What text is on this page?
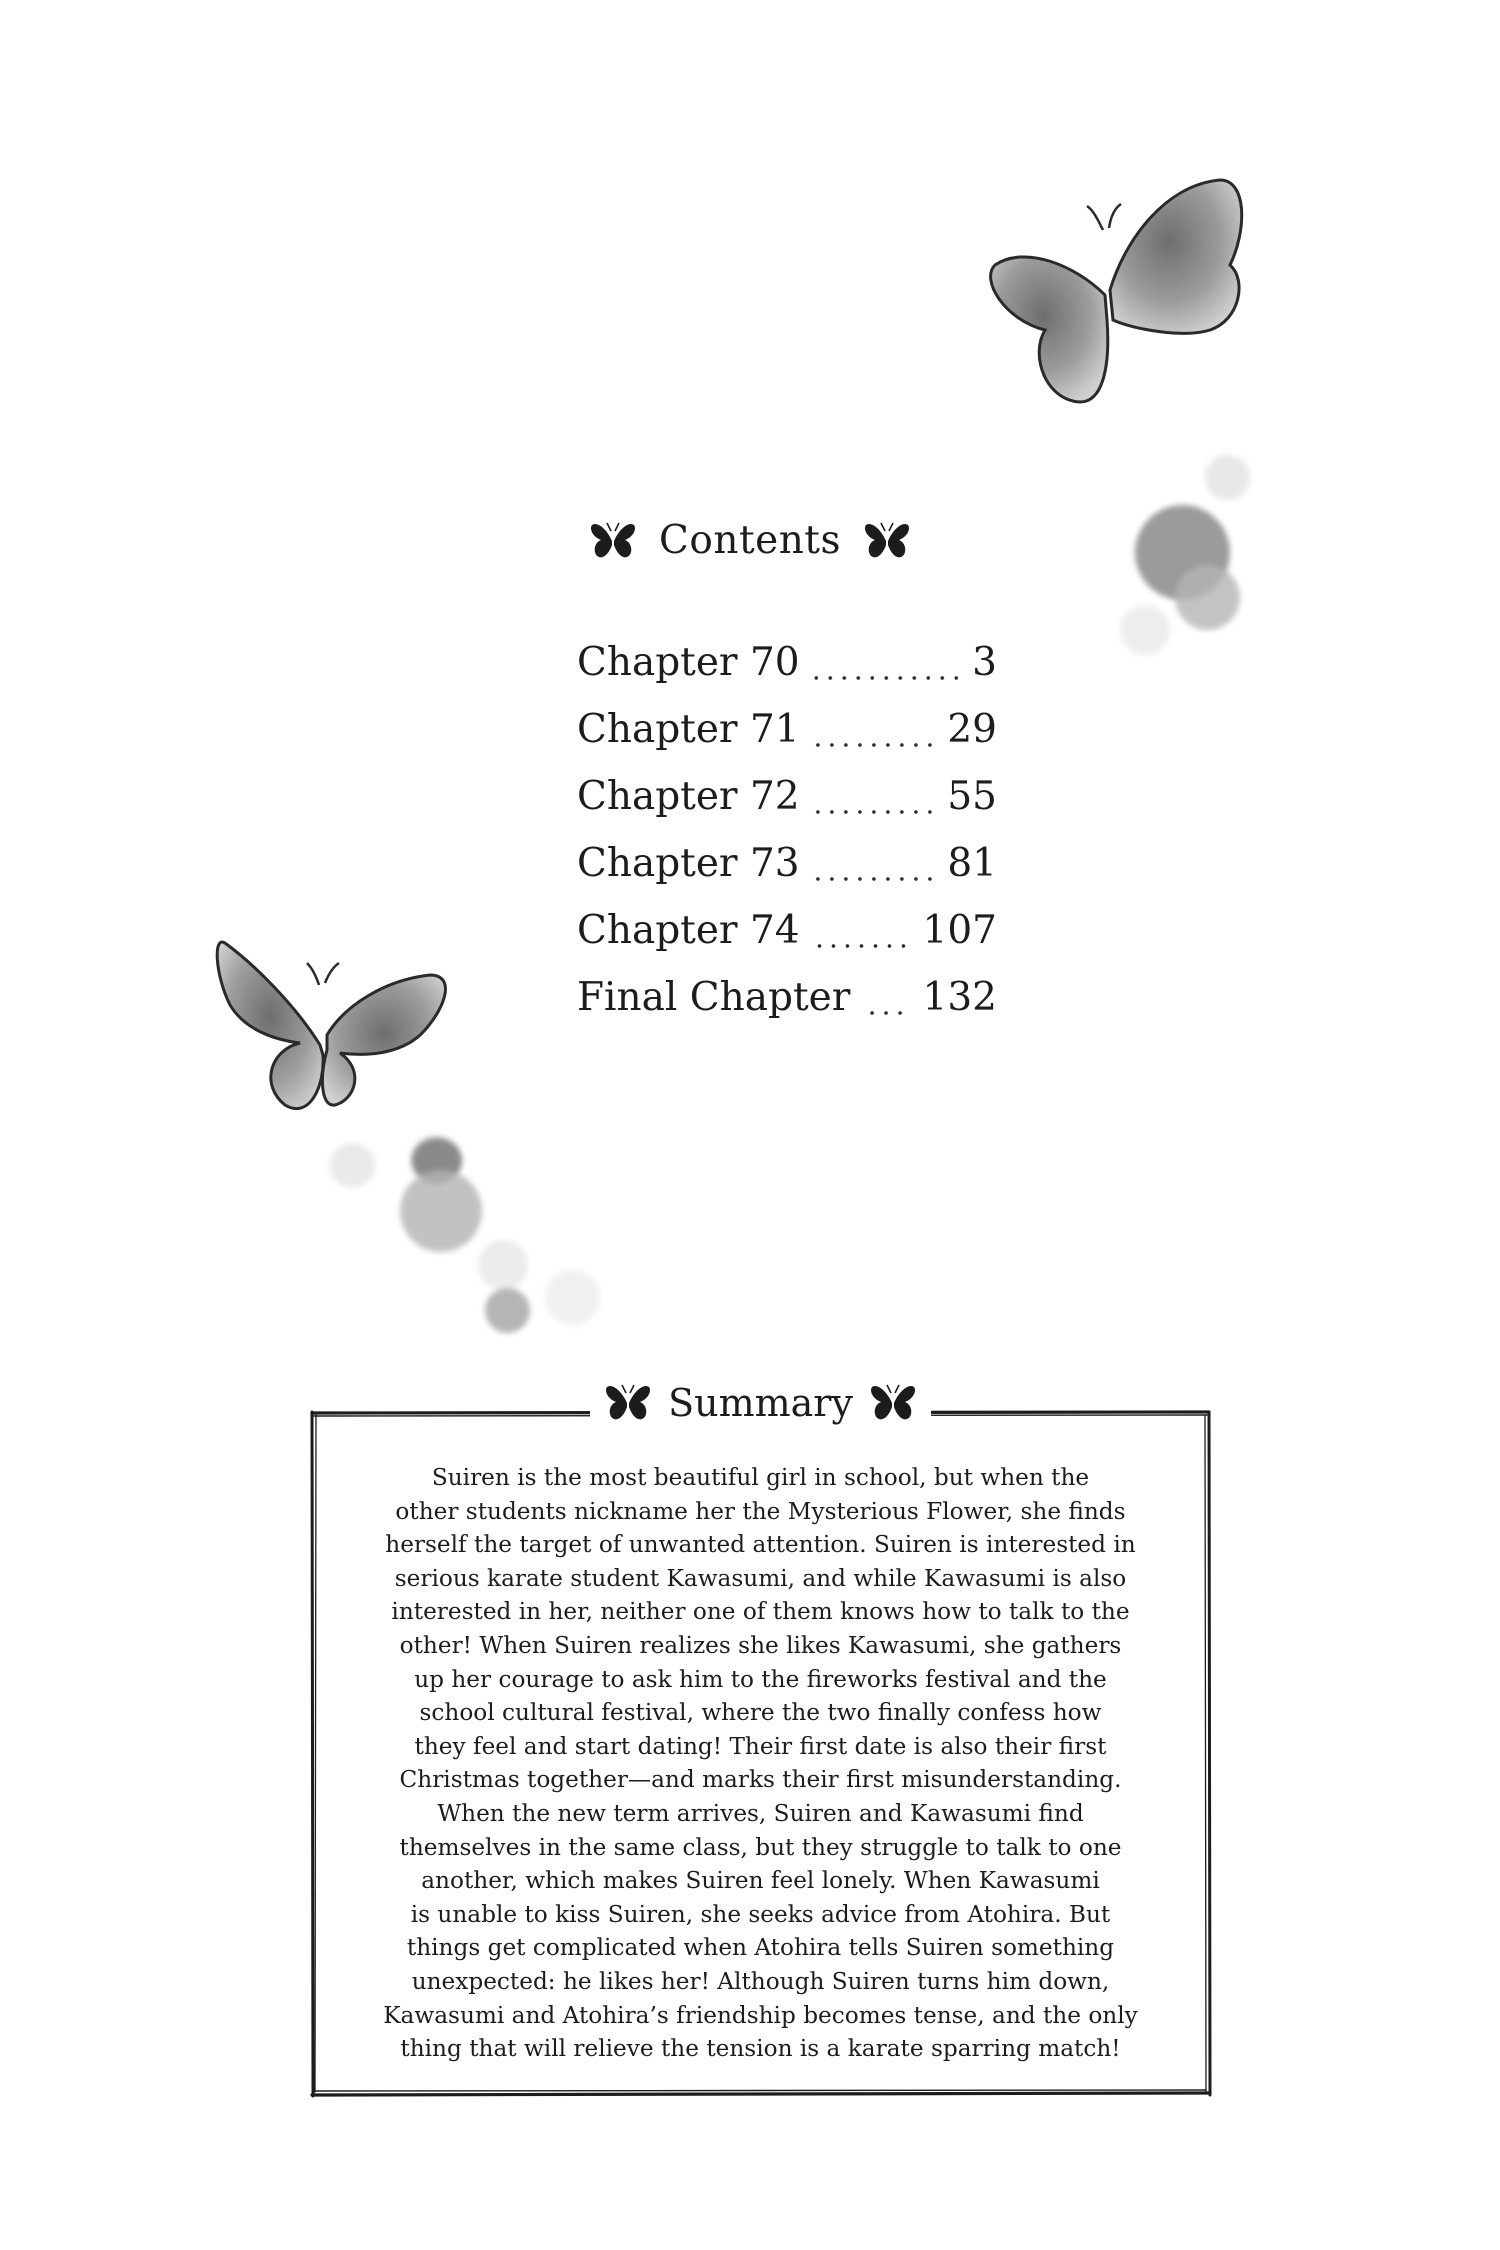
Contents
Chapter 70	3
Chapter 71	29
Chapter 72	55
Chapter 73	81
Chapter 74	107
Final Chapter 132
Summary
Suiren is the most beautiful girl in school, but when the
other students nickname her the Mysterious Flower, she finds
herself the target of unwanted attention. Suiren is interested in
serious karate student Kawasumi, and while Kawasumi is also
interested in her, neither one of them knows how to talk to the
other! When Suiren realizes she likes Kawasumi, she gathers
up her courage to ask him to the fireworks festival and the
school cultural festival, where the two finally confess how
they feel and start dating! Their first date is also their first
Christmas together—and marks their first misunderstanding.
When the new term arrives, Suiren and Kawasumi find
themselves in the same class, but they struggle to talk to one
another, which makes Suiren feel lonely. When Kawasumi
is unable to kiss Suiren, she seeks advice from Atohira. But
things get complicated when Atohira tells Suiren something
unexpected: he likes her! Although Suiren turns him down,
Kawasumi and Atohira’s friendship becomes tense, and the only
thing that will relieve the tension is a karate sparring match!
